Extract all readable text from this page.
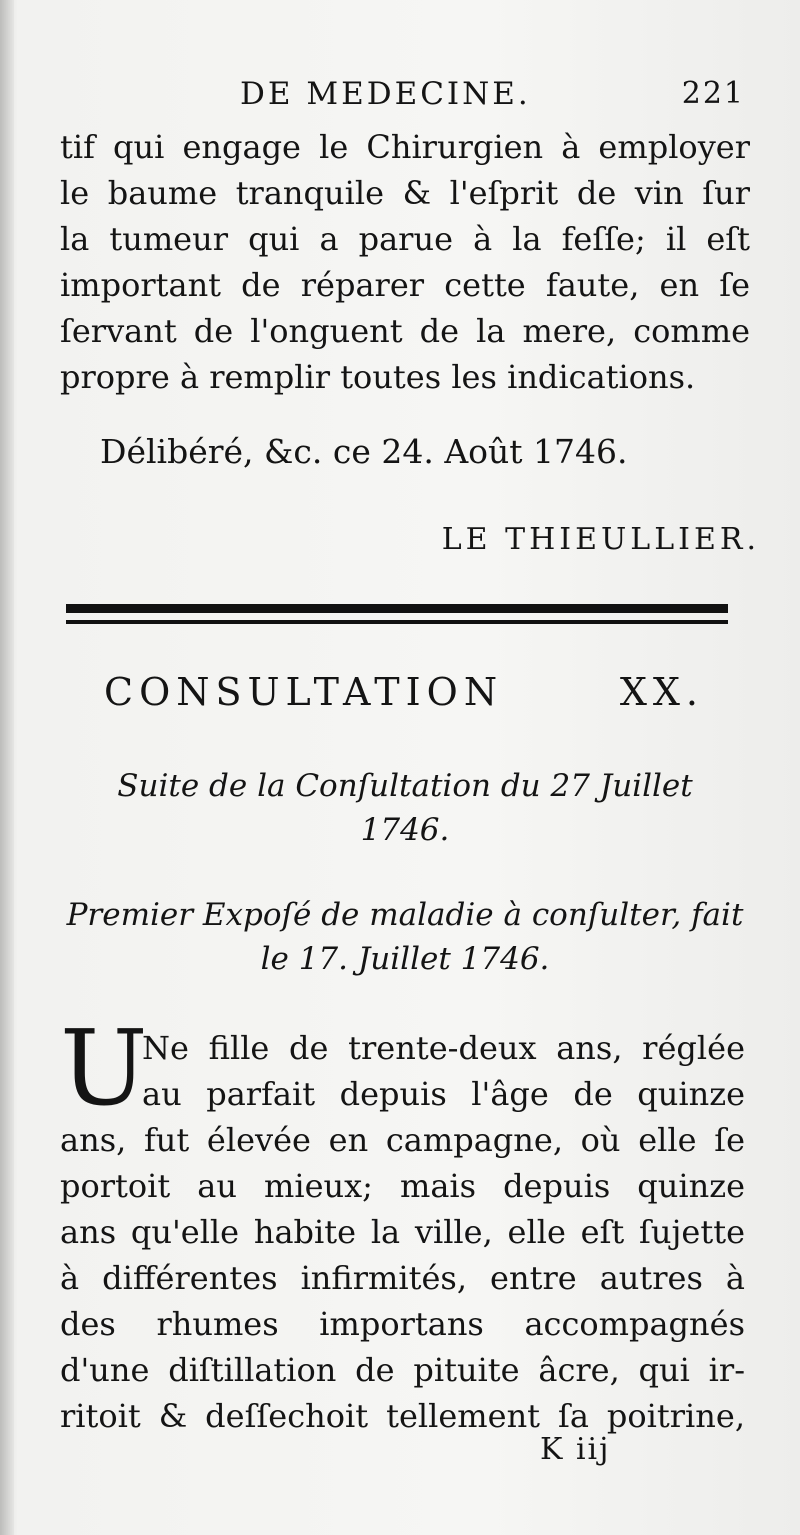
DE MEDECINE.	221
tif qui engage le Chirurgien à employer
le baume tranquile & l'eſprit de vin ſur
la tumeur qui a parue à la feſſe; il eſt
important de réparer cette faute, en ſe
ſervant de l'onguent de la mere, comme
propre à remplir toutes les indications.
Délibéré, &c. ce 24. Août 1746.
LE THIEULLIER.
CONSULTATION	XX.
Suite de la Conſultation du 27 Juillet
1746.
Premier Expoſé de maladie à conſulter, fait
le 17. Juillet 1746.
U
Ne fille de trente-deux ans, réglée
au parfait depuis l'âge de quinze
ans, fut élevée en campagne, où elle ſe
portoit au mieux; mais depuis quinze
ans qu'elle habite la ville, elle eſt ſujette
à différentes infirmités, entre autres à
des rhumes importans accompagnés
d'une diſtillation de pituite âcre, qui ir-
ritoit & deſſechoit tellement ſa poitrine,
K iij
